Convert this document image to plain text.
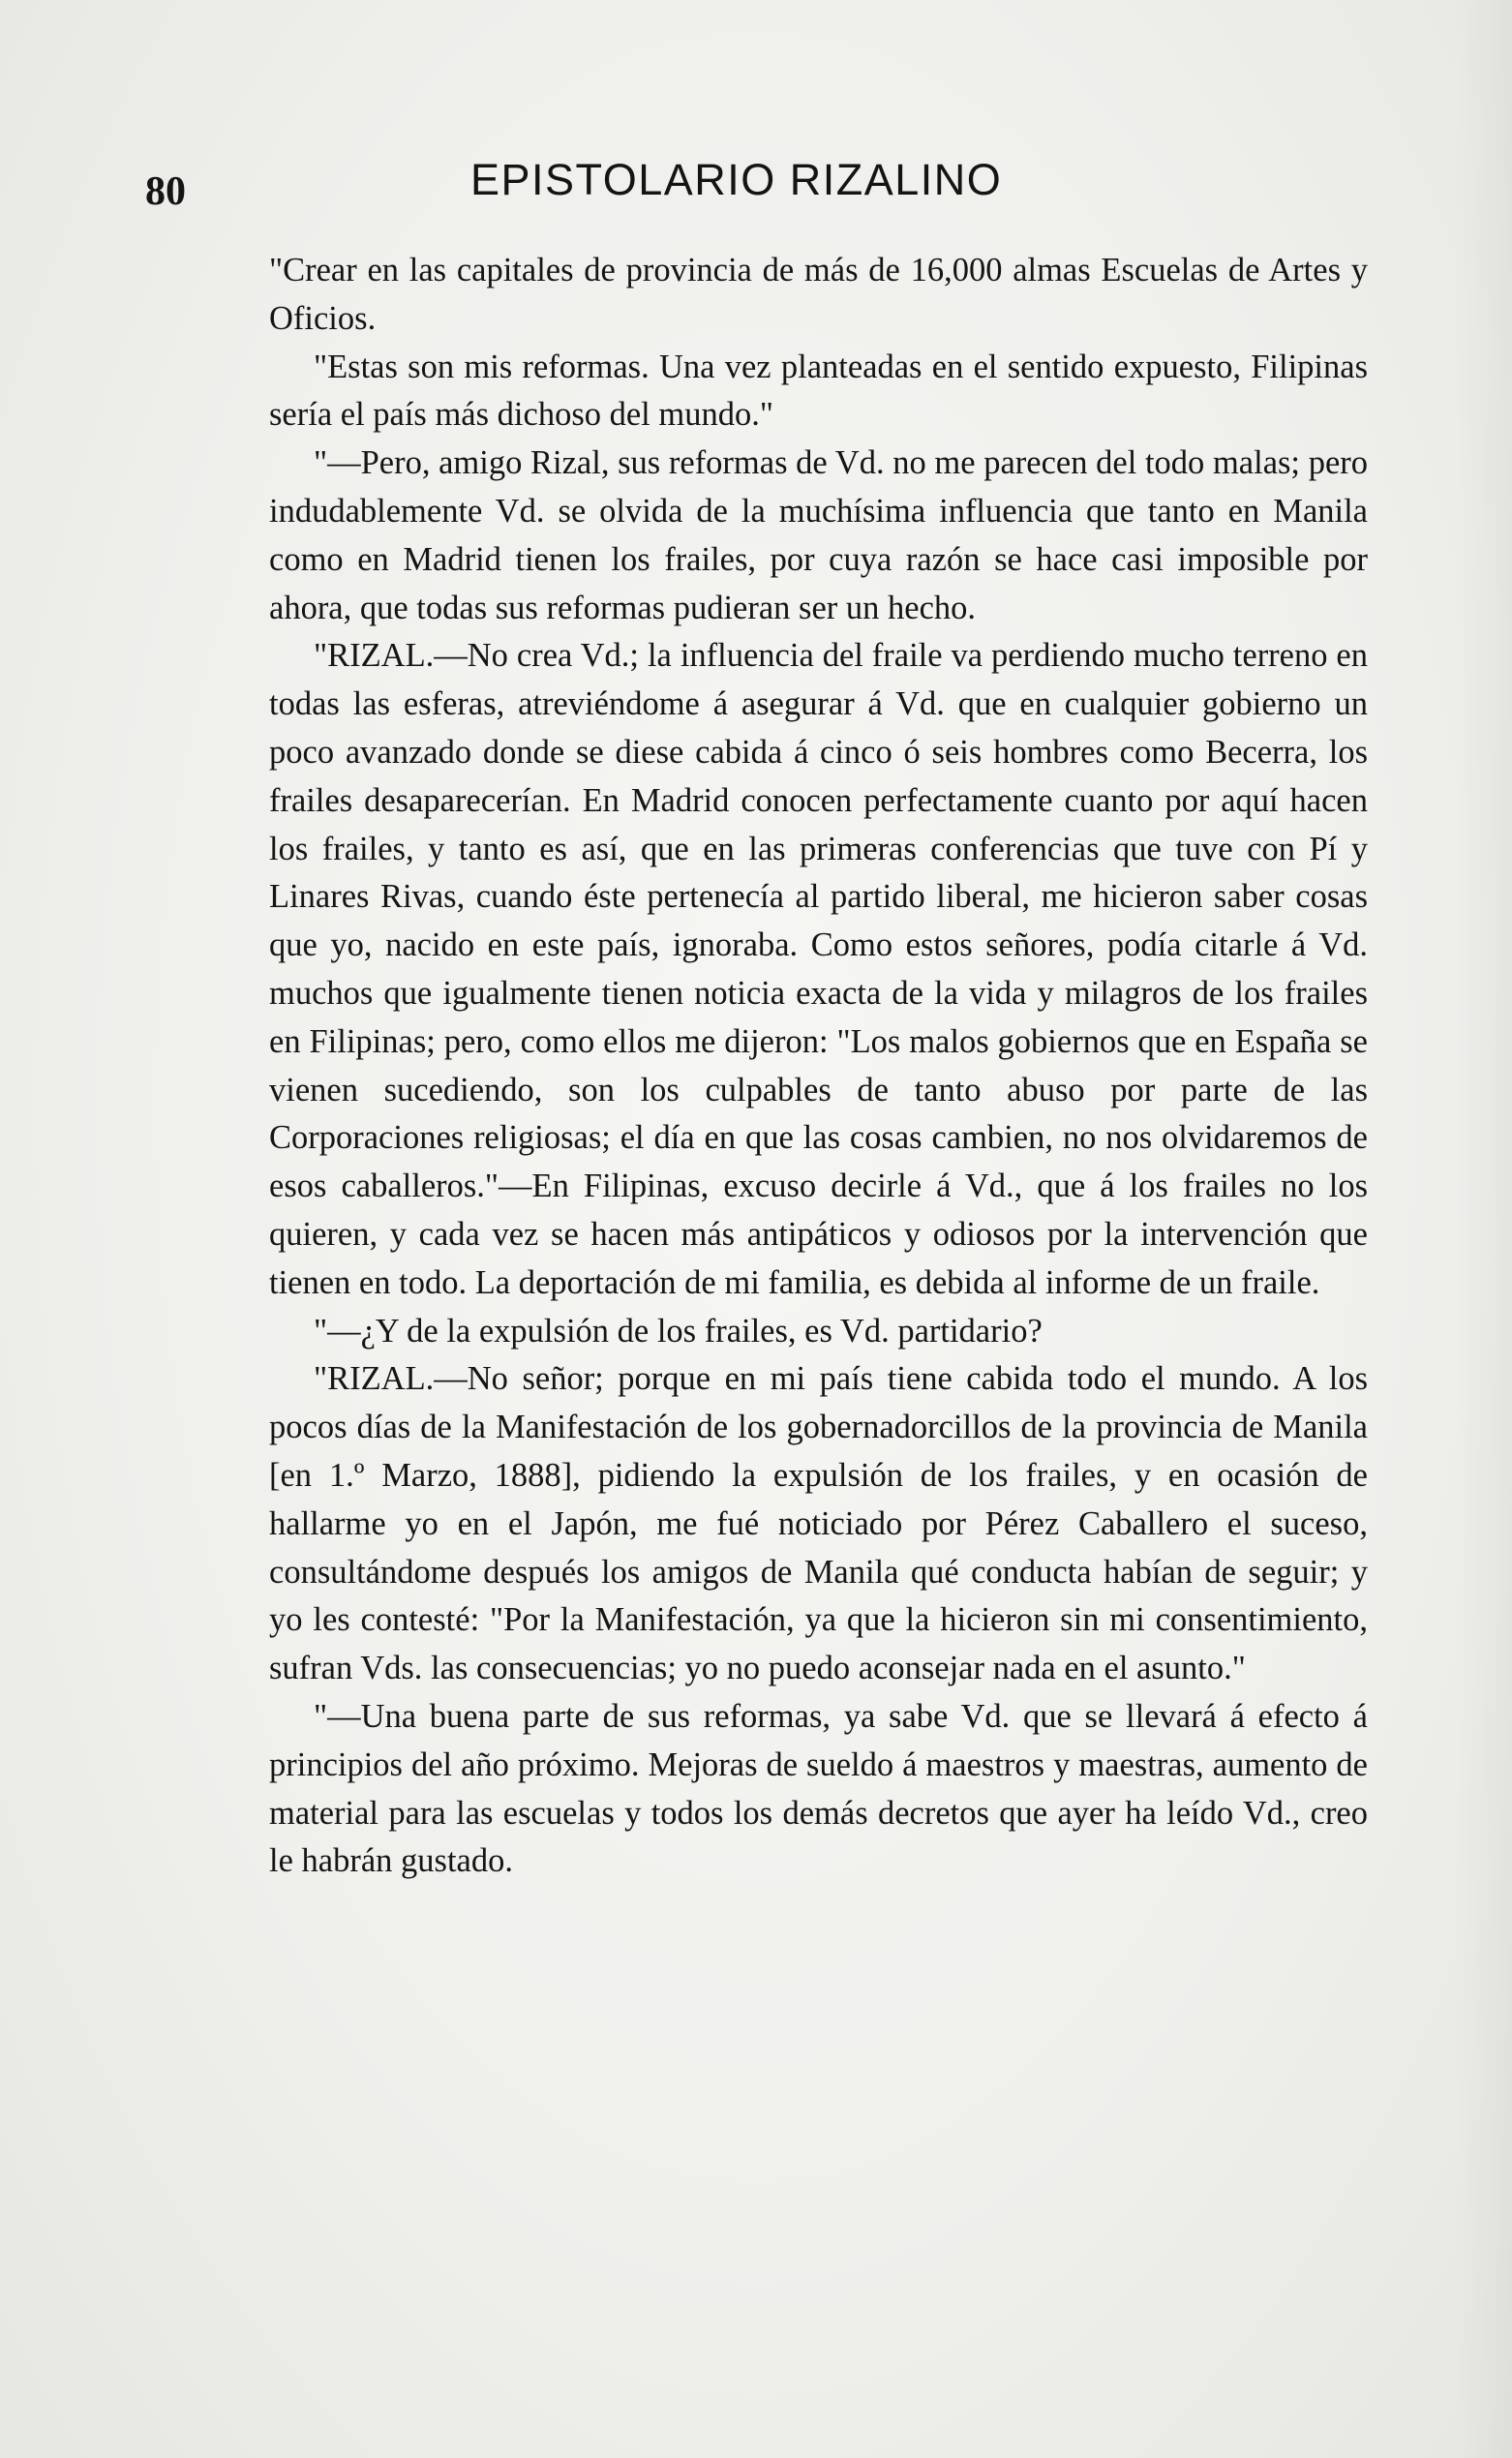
80	EPISTOLARIO RIZALINO

"Crear en las capitales de provincia de más de 16,000 almas Escuelas de Artes y Oficios.

"Estas son mis reformas. Una vez planteadas en el sentido expuesto, Filipinas sería el país más dichoso del mundo."

"—Pero, amigo Rizal, sus reformas de Vd. no me parecen del todo malas; pero indudablemente Vd. se olvida de la muchísima influencia que tanto en Manila como en Madrid tienen los frailes, por cuya razón se hace casi imposible por ahora, que todas sus reformas pudieran ser un hecho.

"RIZAL.—No crea Vd.; la influencia del fraile va perdiendo mucho terreno en todas las esferas, atreviéndome á asegurar á Vd. que en cualquier gobierno un poco avanzado donde se diese cabida á cinco ó seis hombres como Becerra, los frailes desaparecerían. En Madrid conocen perfectamente cuanto por aquí hacen los frailes, y tanto es así, que en las primeras conferencias que tuve con Pí y Linares Rivas, cuando éste pertenecía al partido liberal, me hicieron saber cosas que yo, nacido en este país, ignoraba. Como estos señores, podía citarle á Vd. muchos que igualmente tienen noticia exacta de la vida y milagros de los frailes en Filipinas; pero, como ellos me dijeron: "Los malos gobiernos que en España se vienen sucediendo, son los culpables de tanto abuso por parte de las Corporaciones religiosas; el día en que las cosas cambien, no nos olvidaremos de esos caballeros."—En Filipinas, excuso decirle á Vd., que á los frailes no los quieren, y cada vez se hacen más antipáticos y odiosos por la intervención que tienen en todo. La deportación de mi familia, es debida al informe de un fraile.

"—¿Y de la expulsión de los frailes, es Vd. partidario?

"RIZAL.—No señor; porque en mi país tiene cabida todo el mundo. A los pocos días de la Manifestación de los gobernadorcillos de la provincia de Manila [en 1.º Marzo, 1888], pidiendo la expulsión de los frailes, y en ocasión de hallarme yo en el Japón, me fué noticiado por Pérez Caballero el suceso, consultándome después los amigos de Manila qué conducta habían de seguir; y yo les contesté: "Por la Manifestación, ya que la hicieron sin mi consentimiento, sufran Vds. las consecuencias; yo no puedo aconsejar nada en el asunto."

"—Una buena parte de sus reformas, ya sabe Vd. que se llevará á efecto á principios del año próximo. Mejoras de sueldo á maestros y maestras, aumento de material para las escuelas y todos los demás decretos que ayer ha leído Vd., creo le habrán gustado.
